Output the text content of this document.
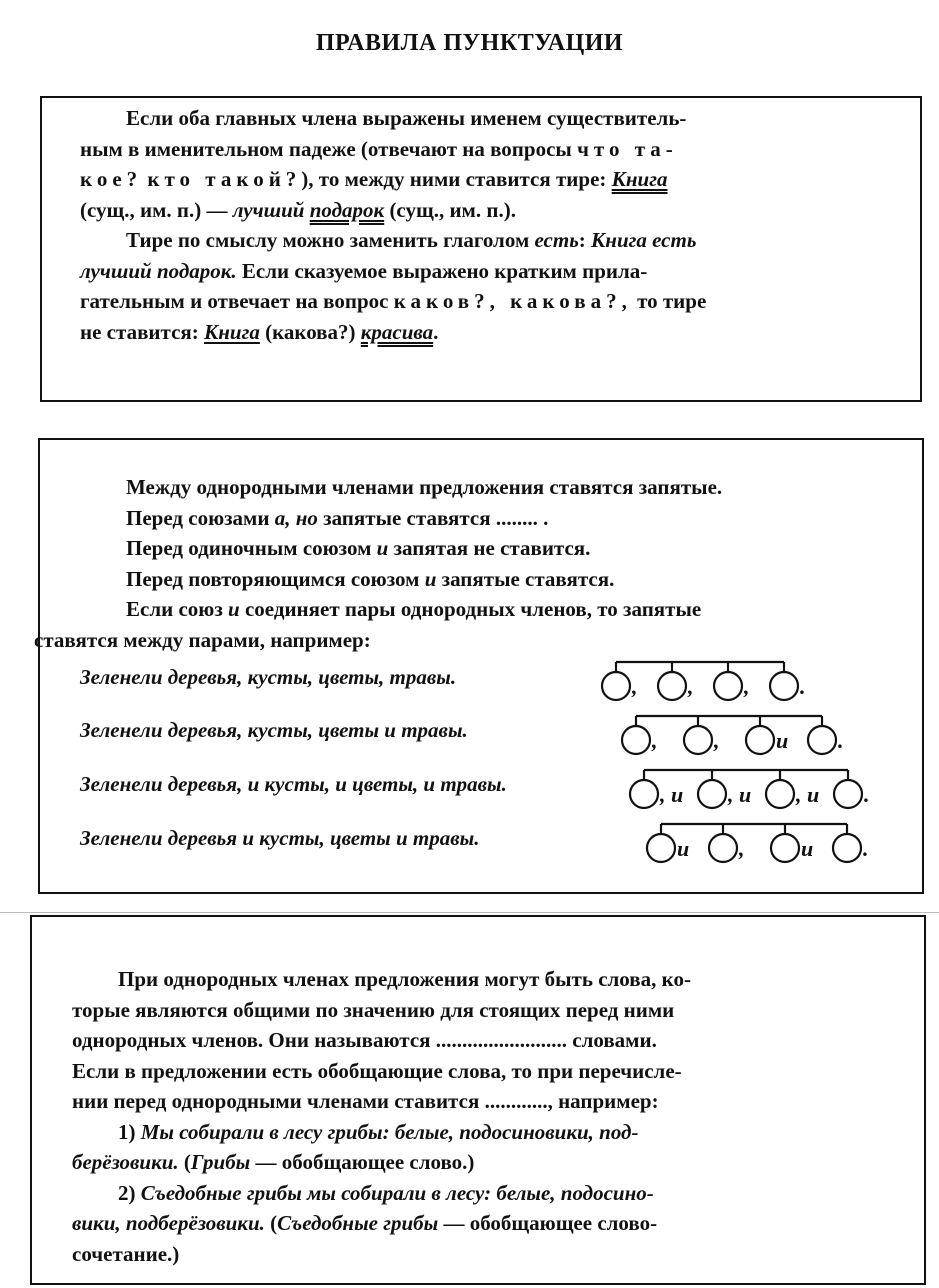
ПРАВИЛА ПУНКТУАЦИИ
Если оба главных члена выражены именем существитель-
ным в именительном падеже (отвечают на вопросы что та-
кое? кто такой?), то между ними ставится тире: Книга
(сущ., им. п.) — лучший подарок (сущ., им. п.).
Тире по смыслу можно заменить глаголом есть: Книга есть
лучший подарок. Если сказуемое выражено кратким прила-
гательным и отвечает на вопрос каков?, какова?, то тире
не ставится: Книга (какова?) красива.
Между однородными членами предложения ставятся запятые.
Перед союзами а, но запятые ставятся ........ .
Перед одиночным союзом и запятая не ставится.
Перед повторяющимся союзом и запятые ставятся.
Если союз и соединяет пары однородных членов, то запятые
ставятся между парами, например:
Зеленели деревья, кусты, цветы, травы.
Зеленели деревья, кусты, цветы и травы.
Зеленели деревья, и кусты, и цветы, и травы.
Зеленели деревья и кусты, цветы и травы.
, , , .
,	,	и .
, и , и , и .
и ,	и .
При однородных членах предложения могут быть слова, ко-
торые являются общими по значению для стоящих перед ними
однородных членов. Они называются ......................... словами.
Если в предложении есть обобщающие слова, то при перечисле-
нии перед однородными членами ставится ............, например:
1) Мы собирали в лесу грибы: белые, подосиновики, под-
берёзовики. (Грибы — обобщающее слово.)
2) Съедобные грибы мы собирали в лесу: белые, подосино-
вики, подберёзовики. (Съедобные грибы — обобщающее слово-
сочетание.)
